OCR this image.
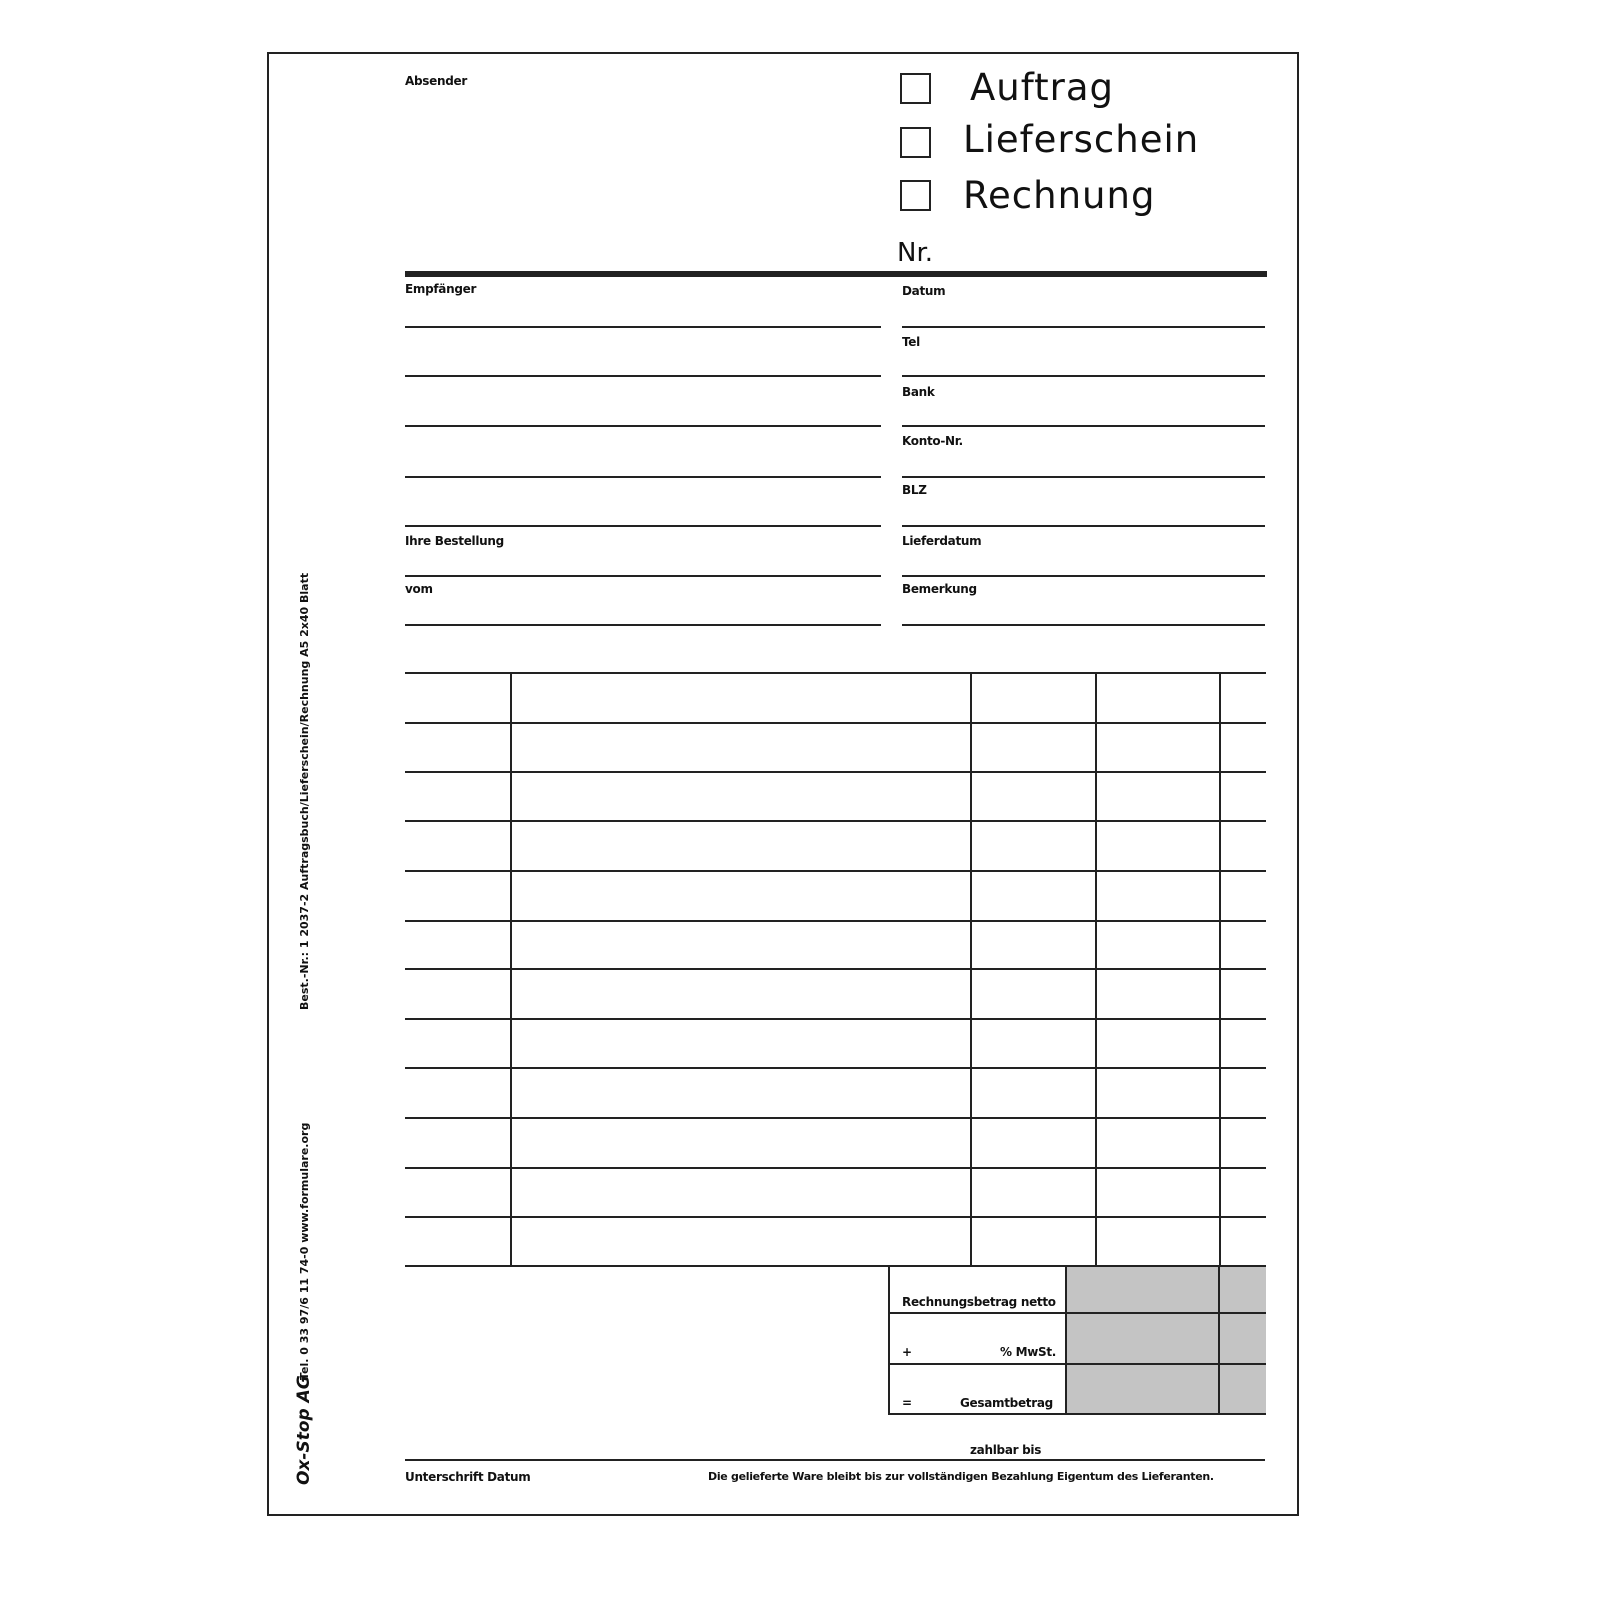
Absender	Auftrag
Lieferschein
Rechnung
Nr.
Empfänger
Ihre Bestellung
vom
Datum
Tel
Bank
Konto-Nr.
BLZ
Lieferdatum
Bemerkung
Rechnungsbetrag netto
+	% MwSt.
=	Gesamtbetrag
zahlbar bis
Unterschrift Datum	Die gelieferte Ware bleibt bis zur vollständigen Bezahlung Eigentum des Lieferanten.
Best.-Nr.: 1 2037-2 Auftragsbuch/Lieferschein/Rechnung A5 2x40 Blatt
Tel. 0 33 97/6 11 74-0 www.formulare.org
Ox-Stop AG
